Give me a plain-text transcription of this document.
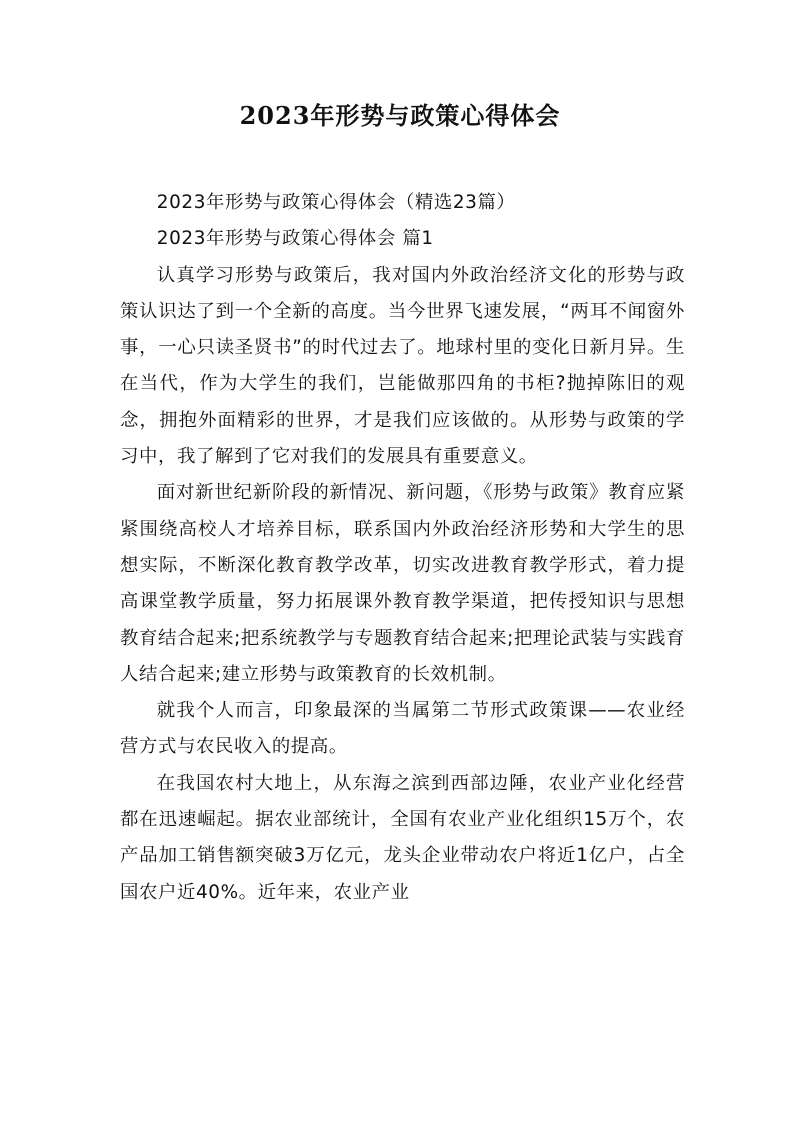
2023年形势与政策心得体会

2023年形势与政策心得体会（精选23篇）

2023年形势与政策心得体会 篇1

认真学习形势与政策后，我对国内外政治经济文化的形势与政策认识达了到一个全新的高度。当今世界飞速发展，“两耳不闻窗外事，一心只读圣贤书”的时代过去了。地球村里的变化日新月异。生在当代，作为大学生的我们，岂能做那四角的书柜?抛掉陈旧的观念，拥抱外面精彩的世界，才是我们应该做的。从形势与政策的学习中，我了解到了它对我们的发展具有重要意义。

面对新世纪新阶段的新情况、新问题，《形势与政策》教育应紧紧围绕高校人才培养目标，联系国内外政治经济形势和大学生的思想实际，不断深化教育教学改革，切实改进教育教学形式，着力提高课堂教学质量，努力拓展课外教育教学渠道，把传授知识与思想教育结合起来;把系统教学与专题教育结合起来;把理论武装与实践育人结合起来;建立形势与政策教育的长效机制。

就我个人而言，印象最深的当属第二节形式政策课——农业经营方式与农民收入的提高。

在我国农村大地上，从东海之滨到西部边陲，农业产业化经营都在迅速崛起。据农业部统计，全国有农业产业化组织15万个，农产品加工销售额突破3万亿元，龙头企业带动农户将近1亿户，占全国农户近40%。近年来，农业产业
